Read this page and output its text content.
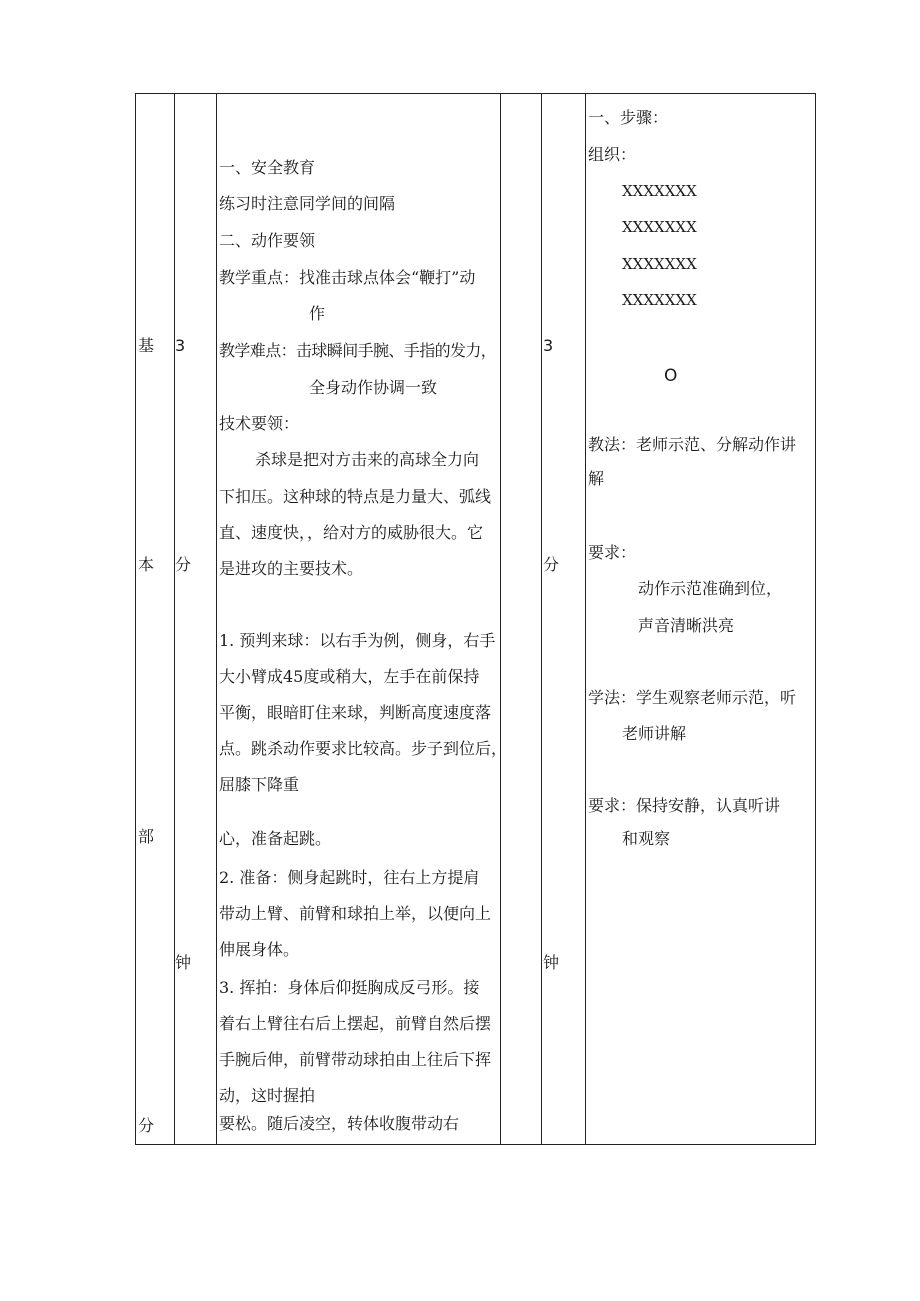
基
本
部
分
3
分
钟
一、安全教育
练习时注意同学间的间隔
二、动作要领
教学重点：找准击球点体会“鞭打”动
作
教学难点：击球瞬间手腕、手指的发力，
全身动作协调一致
技术要领：
杀球是把对方击来的高球全力向
下扣压。这种球的特点是力量大、弧线
直、速度快，，给对方的威胁很大。它
是进攻的主要技术。
1. 预判来球：以右手为例，侧身，右手
大小臂成45度或稍大，左手在前保持
平衡，眼暗盯住来球，判断高度速度落
点。跳杀动作要求比较高。步子到位后，
屈膝下降重
心，准备起跳。
2. 准备：侧身起跳时，往右上方提肩
带动上臂、前臂和球拍上举，以便向上
伸展身体。
3. 挥拍：身体后仰挺胸成反弓形。接
着右上臂往右后上摆起，前臂自然后摆
手腕后伸，前臂带动球拍由上往后下挥
动，这时握拍
要松。随后凌空，转体收腹带动右
3
分
钟
一、步骤：
组织：
XXXXXXX
XXXXXXX
XXXXXXX
XXXXXXX
O
教法：老师示范、分解动作讲
解
要求：
动作示范准确到位，
声音清晰洪亮
学法：学生观察老师示范，听
老师讲解
要求：保持安静，认真听讲
和观察
